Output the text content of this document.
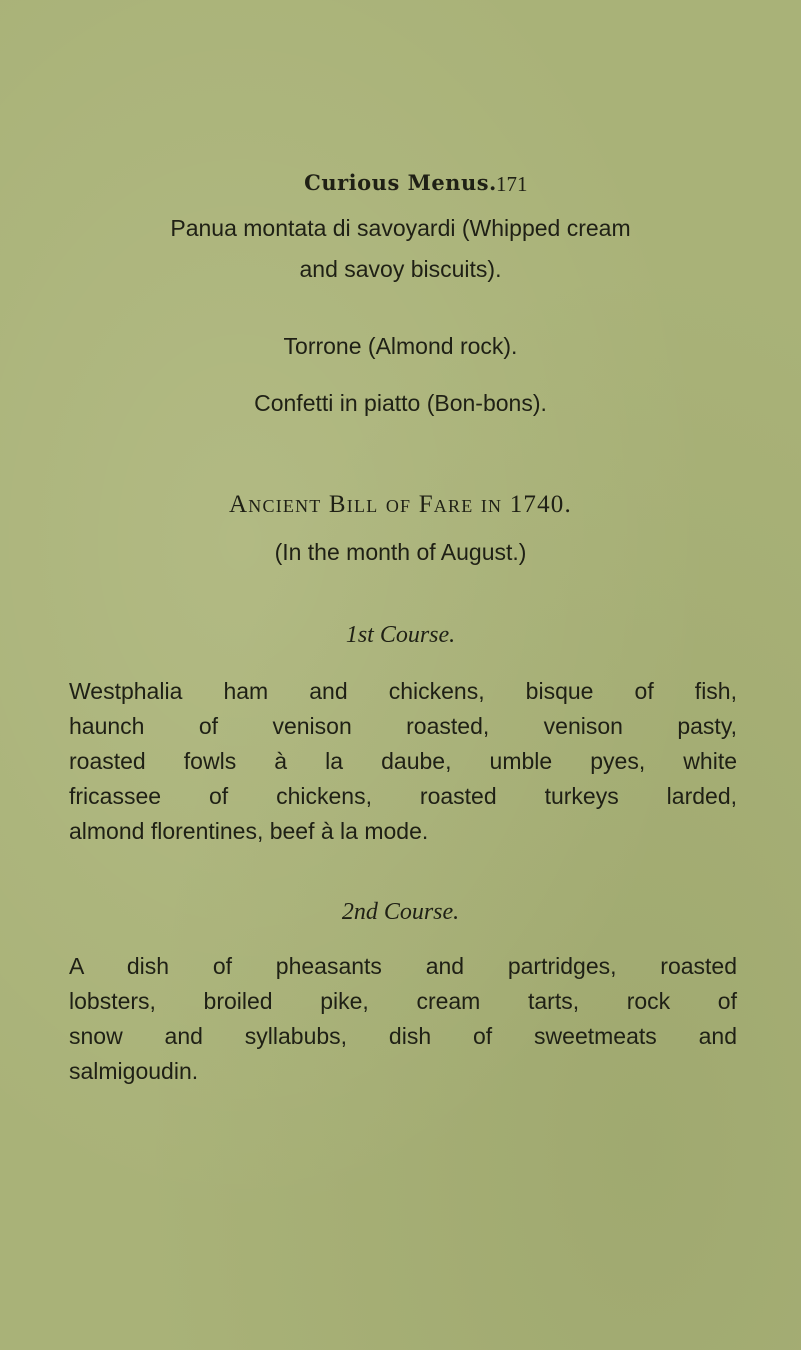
Curious Menus. 171
Panua montata di savoyardi (Whipped cream
and savoy biscuits).
Torrone (Almond rock).
Confetti in piatto (Bon-bons).
Ancient Bill of Fare in 1740.
(In the month of August.)
1st Course.
Westphalia ham and chickens, bisque of fish,
haunch of venison roasted, venison pasty,
roasted fowls à la daube, umble pyes, white
fricassee of chickens, roasted turkeys larded,
almond florentines, beef à la mode.
2nd Course.
A dish of pheasants and partridges, roasted
lobsters, broiled pike, cream tarts, rock of
snow and syllabubs, dish of sweetmeats and
salmigoudin.
